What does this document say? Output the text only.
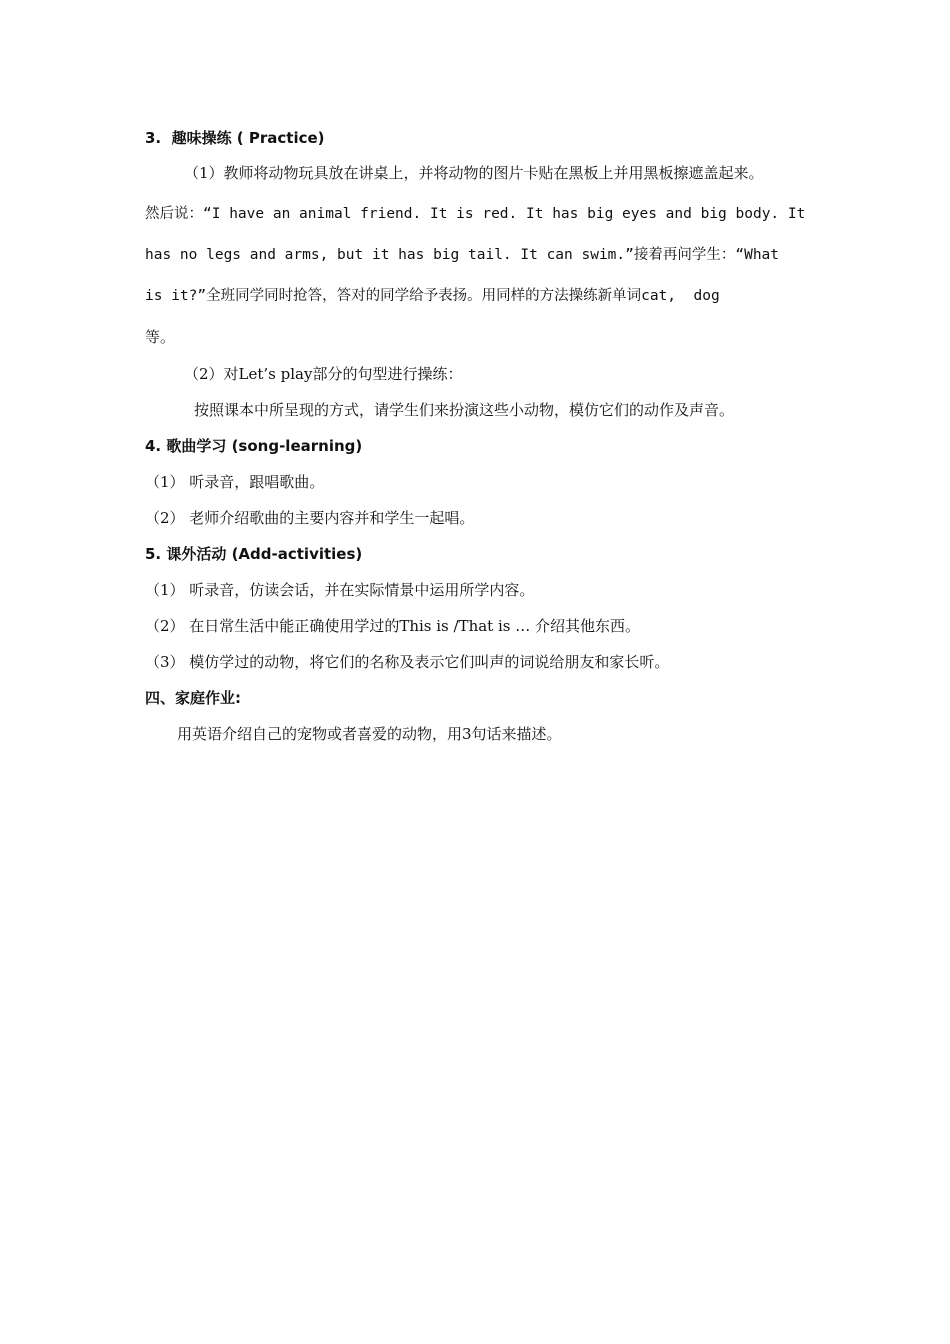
3.  趣味操练 ( Practice)
（1）教师将动物玩具放在讲桌上，并将动物的图片卡贴在黑板上并用黑板擦遮盖起来。
然后说：“I have an animal friend. It is red. It has big eyes and big body. It
has no legs and arms, but it has big tail. It can swim.”接着再问学生：“What
is it?”全班同学同时抢答，答对的同学给予表扬。用同样的方法操练新单词cat,  dog
等。
（2）对Let’s play部分的句型进行操练：
按照课本中所呈现的方式，请学生们来扮演这些小动物，模仿它们的动作及声音。
4. 歌曲学习 (song-learning)
（1） 听录音，跟唱歌曲。
（2） 老师介绍歌曲的主要内容并和学生一起唱。
5. 课外活动 (Add-activities)
（1） 听录音，仿读会话，并在实际情景中运用所学内容。
（2） 在日常生活中能正确使用学过的This is /That is … 介绍其他东西。
（3） 模仿学过的动物，将它们的名称及表示它们叫声的词说给朋友和家长听。
四、家庭作业:
用英语介绍自己的宠物或者喜爱的动物，用3句话来描述。
